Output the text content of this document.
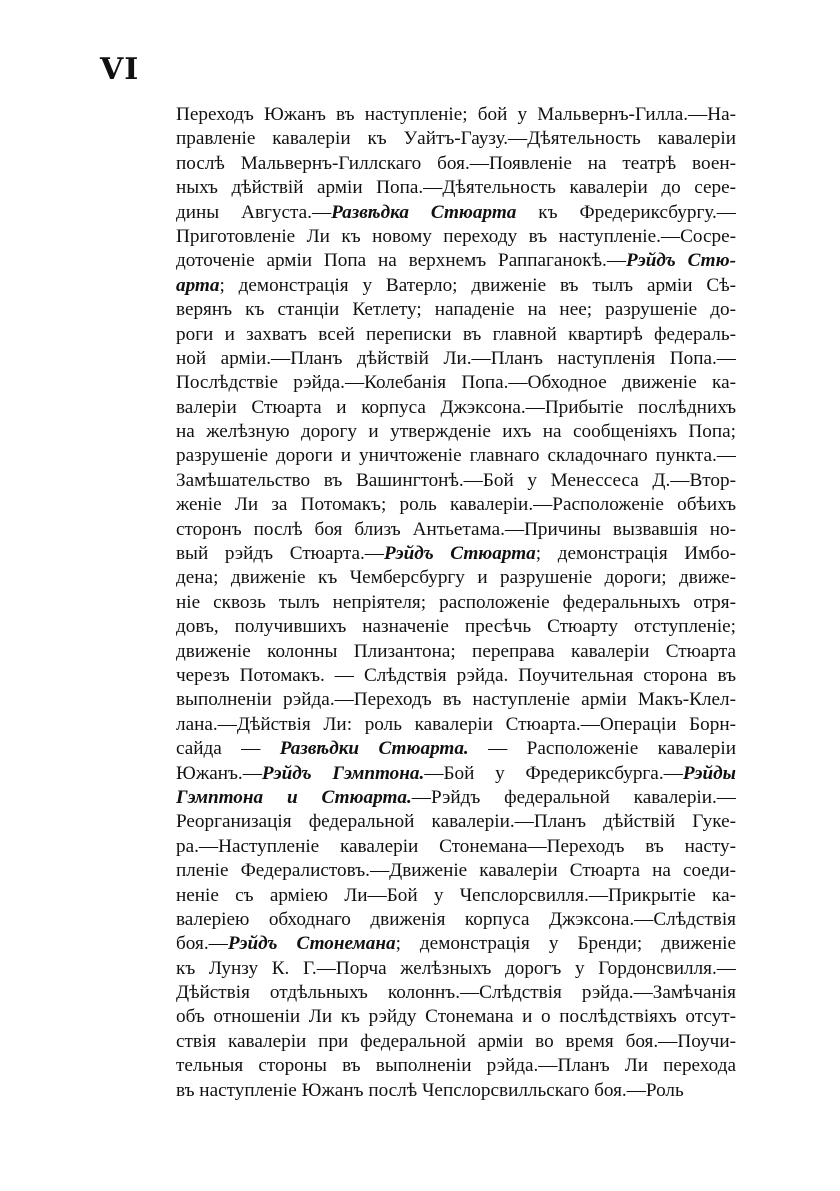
VI
Переходъ Южанъ въ наступленіе; бой у Мальвернъ-Гилла.—На-
правленіе кавалеріи къ Уайтъ-Гаузу.—Дѣятельность кавалеріи
послѣ Мальвернъ-Гиллскаго боя.—Появленіе на театрѣ воен-
ныхъ дѣйствій арміи Попа.—Дѣятельность кавалеріи до сере-
дины Августа.—Развѣдка Стюарта къ Фредериксбургу.—
Приготовленіе Ли къ новому переходу въ наступленіе.—Сосре-
доточеніе арміи Попа на верхнемъ Раппаганокѣ.—Рэйдъ Стю-
арта; демонстрація у Ватерло; движеніе въ тылъ арміи Сѣ-
верянъ къ станціи Кетлету; нападеніе на нее; разрушеніе до-
роги и захватъ всей переписки въ главной квартирѣ федераль-
ной арміи.—Планъ дѣйствій Ли.—Планъ наступленія Попа.—
Послѣдствіе рэйда.—Колебанія Попа.—Обходное движеніе ка-
валеріи Стюарта и корпуса Джэксона.—Прибытіе послѣднихъ
на желѣзную дорогу и утвержденіе ихъ на сообщеніяхъ Попа;
разрушеніе дороги и уничтоженіе главнаго складочнаго пункта.—
Замѣшательство въ Вашингтонѣ.—Бой у Менессеса Д.—Втор-
женіе Ли за Потомакъ; роль кавалеріи.—Расположеніе обѣихъ
сторонъ послѣ боя близъ Антьетама.—Причины вызвавшія но-
вый рэйдъ Стюарта.—Рэйдъ Стюарта; демонстрація Имбо-
дена; движеніе къ Чемберсбургу и разрушеніе дороги; движе-
ніе сквозь тылъ непріятеля; расположеніе федеральныхъ отря-
довъ, получившихъ назначеніе пресѣчь Стюарту отступленіе;
движеніе колонны Плизантона; переправа кавалеріи Стюарта
черезъ Потомакъ. — Слѣдствія рэйда. Поучительная сторона въ
выполненіи рэйда.—Переходъ въ наступленіе арміи Макъ-Клел-
лана.—Дѣйствія Ли: роль кавалеріи Стюарта.—Операціи Борн-
сайда — Развѣдки Стюарта. — Расположеніе кавалеріи
Южанъ.—Рэйдъ Гэмптона.—Бой у Фредериксбурга.—Рэйды
Гэмптона и Стюарта.—Рэйдъ федеральной кавалеріи.—
Реорганизація федеральной кавалеріи.—Планъ дѣйствій Гуке-
ра.—Наступленіе кавалеріи Стонемана—Переходъ въ насту-
пленіе Федералистовъ.—Движеніе кавалеріи Стюарта на соеди-
неніе съ арміею Ли—Бой у Чепслорсвилля.—Прикрытіе ка-
валеріею обходнаго движенія корпуса Джэксона.—Слѣдствія
боя.—Рэйдъ Стонемана; демонстрація у Бренди; движеніе
къ Лунзу К. Г.—Порча желѣзныхъ дорогъ у Гордонсвилля.—
Дѣйствія отдѣльныхъ колоннъ.—Слѣдствія рэйда.—Замѣчанія
объ отношеніи Ли къ рэйду Стонемана и о послѣдствіяхъ отсут-
ствія кавалеріи при федеральной арміи во время боя.—Поучи-
тельныя стороны въ выполненіи рэйда.—Планъ Ли перехода
въ наступленіе Южанъ послѣ Чепслорсвилльскаго боя.—Роль
